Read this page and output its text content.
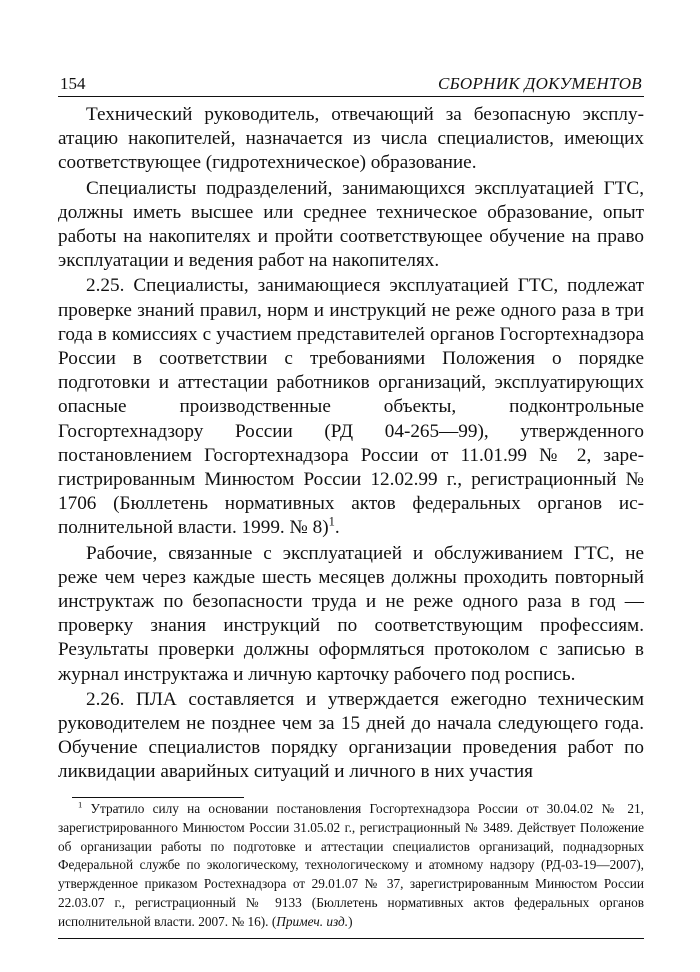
154	СБОРНИК ДОКУМЕНТОВ

Технический руководитель, отвечающий за безопасную эксплуатацию накопителей, назначается из числа специалистов, имеющих соответствующее (гидротехническое) образование.

Специалисты подразделений, занимающихся эксплуатацией ГТС, должны иметь высшее или среднее техническое образование, опыт работы на накопителях и пройти соответствующее обучение на право эксплуатации и ведения работ на накопителях.

2.25. Специалисты, занимающиеся эксплуатацией ГТС, подлежат проверке знаний правил, норм и инструкций не реже одного раза в три года в комиссиях с участием представителей органов Госгортехнадзора России в соответствии с требованиями Положения о порядке подготовки и аттестации работников организаций, эксплуатирующих опасные производственные объекты, подконтрольные Госгортехнадзору России (РД 04-265—99), утвержденного постановлением Госгортехнадзора России от 11.01.99 № 2, зарегистрированным Минюстом России 12.02.99 г., регистрационный № 1706 (Бюллетень нормативных актов федеральных органов исполнительной власти. 1999. № 8)$^1$.

Рабочие, связанные с эксплуатацией и обслуживанием ГТС, не реже чем через каждые шесть месяцев должны проходить повторный инструктаж по безопасности труда и не реже одного раза в год — проверку знания инструкций по соответствующим профессиям. Результаты проверки должны оформляться протоколом с записью в журнал инструктажа и личную карточку рабочего под роспись.

2.26. ПЛА составляется и утверждается ежегодно техническим руководителем не позднее чем за 15 дней до начала следующего года. Обучение специалистов порядку организации проведения работ по ликвидации аварийных ситуаций и личного в них участия

$^1$ Утратило силу на основании постановления Госгортехнадзора России от 30.04.02 № 21, зарегистрированного Минюстом России 31.05.02 г., регистрационный № 3489. Действует Положение об организации работы по подготовке и аттестации специалистов организаций, поднадзорных Федеральной службе по экологическому, технологическому и атомному надзору (РД-03-19—2007), утвержденное приказом Ростехнадзора от 29.01.07 № 37, зарегистрированным Минюстом России 22.03.07 г., регистрационный № 9133 (Бюллетень нормативных актов федеральных органов исполнительной власти. 2007. № 16). (Примеч. изд.)
